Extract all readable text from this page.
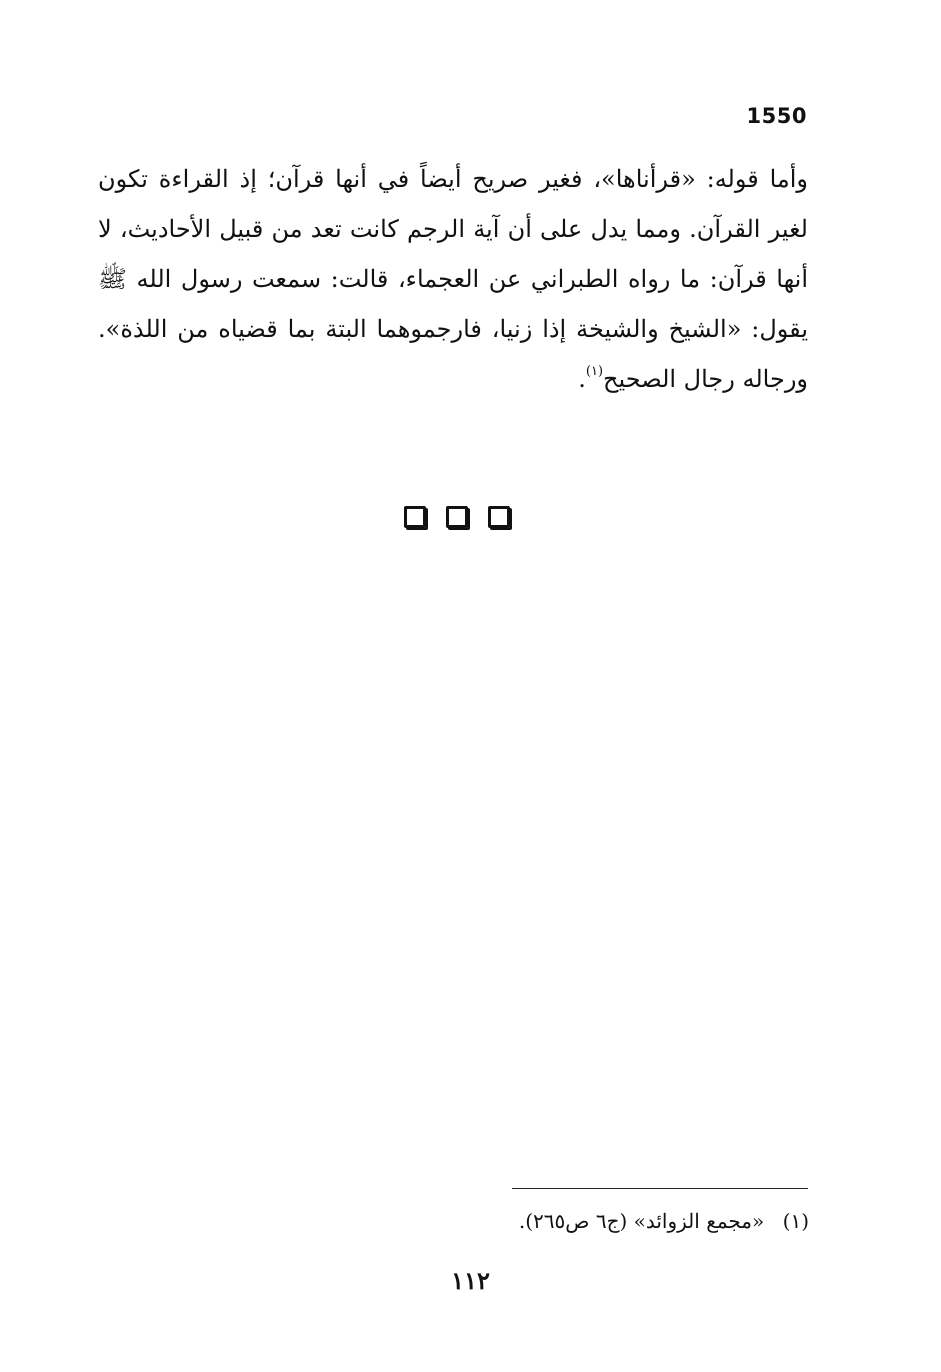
1550

وأما قوله: «قرأناها»، فغير صريح أيضاً في أنها قرآن؛ إذ القراءة تكون لغير القرآن. ومما يدل على أن آية الرجم كانت تعد من قبيل الأحاديث، لا أنها قرآن: ما رواه الطبراني عن العجماء، قالت: سمعت رسول الله ﷺ يقول: «الشيخ والشيخة إذا زنيا، فارجموهما البتة بما قضياه من اللذة». ورجاله رجال الصحيح$^{(١)}$.

(١) «مجمع الزوائد» (ج٦ ص٢٦٥).
١١٢
